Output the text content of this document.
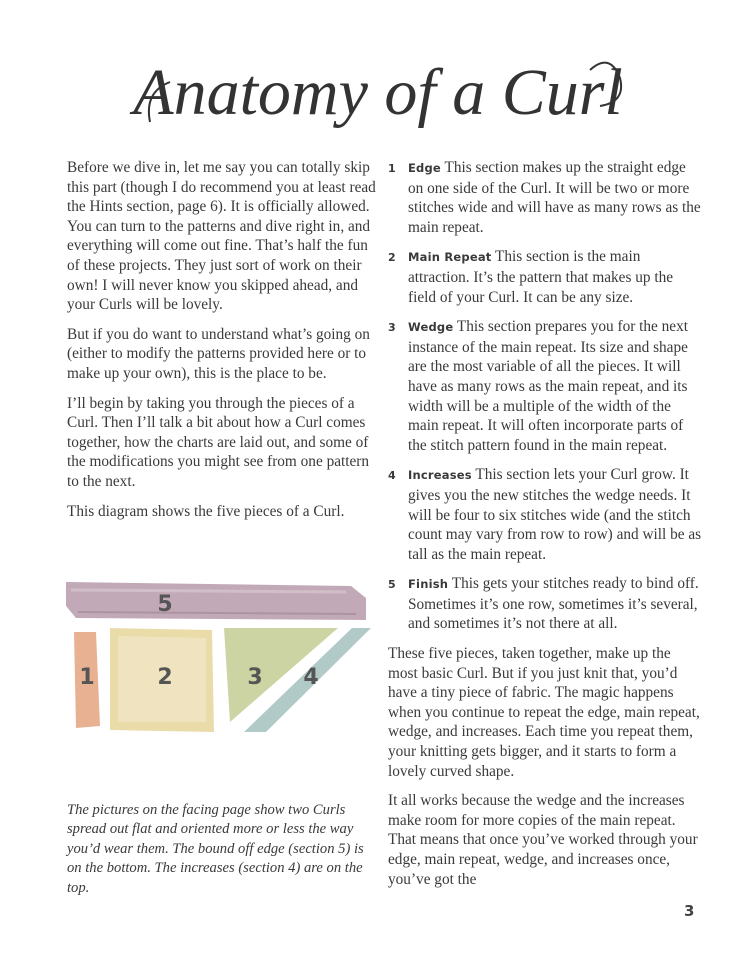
Anatomy of a Curl

Before we dive in, let me say you can totally skip this part (though I do recommend you at least read the Hints section, page 6). It is officially allowed. You can turn to the patterns and dive right in, and everything will come out fine. That’s half the fun of these projects. They just sort of work on their own! I will never know you skipped ahead, and your Curls will be lovely.

But if you do want to understand what’s going on (either to modify the patterns provided here or to make up your own), this is the place to be.

I’ll begin by taking you through the pieces of a Curl. Then I’ll talk a bit about how a Curl comes together, how the charts are laid out, and some of the modifications you might see from one pattern to the next.

This diagram shows the five pieces of a Curl.

5
1	2	3 4
The pictures on the facing page show two Curls spread out flat and oriented more or less the way you’d wear them. The bound off edge (section 5) is on the bottom. The increases (section 4) are on the top.
1 Edge This section makes up the straight edge on one side of the Curl. It will be two or more stitches wide and will have as many rows as the main repeat.
2 Main Repeat This section is the main attraction. It’s the pattern that makes up the field of your Curl. It can be any size.
3 Wedge This section prepares you for the next instance of the main repeat. Its size and shape are the most variable of all the pieces. It will have as many rows as the main repeat, and its width will be a multiple of the width of the main repeat. It will often incorporate parts of the stitch pattern found in the main repeat.
4 Increases This section lets your Curl grow. It gives you the new stitches the wedge needs. It will be four to six stitches wide (and the stitch count may vary from row to row) and will be as tall as the main repeat.
5 Finish This gets your stitches ready to bind off. Sometimes it’s one row, sometimes it’s several, and sometimes it’s not there at all.

These five pieces, taken together, make up the most basic Curl. But if you just knit that, you’d have a tiny piece of fabric. The magic happens when you continue to repeat the edge, main repeat, wedge, and increases. Each time you repeat them, your knitting gets bigger, and it starts to form a lovely curved shape.

It all works because the wedge and the increases make room for more copies of the main repeat. That means that once you’ve worked through your edge, main repeat, wedge, and increases once, you’ve got the

3
